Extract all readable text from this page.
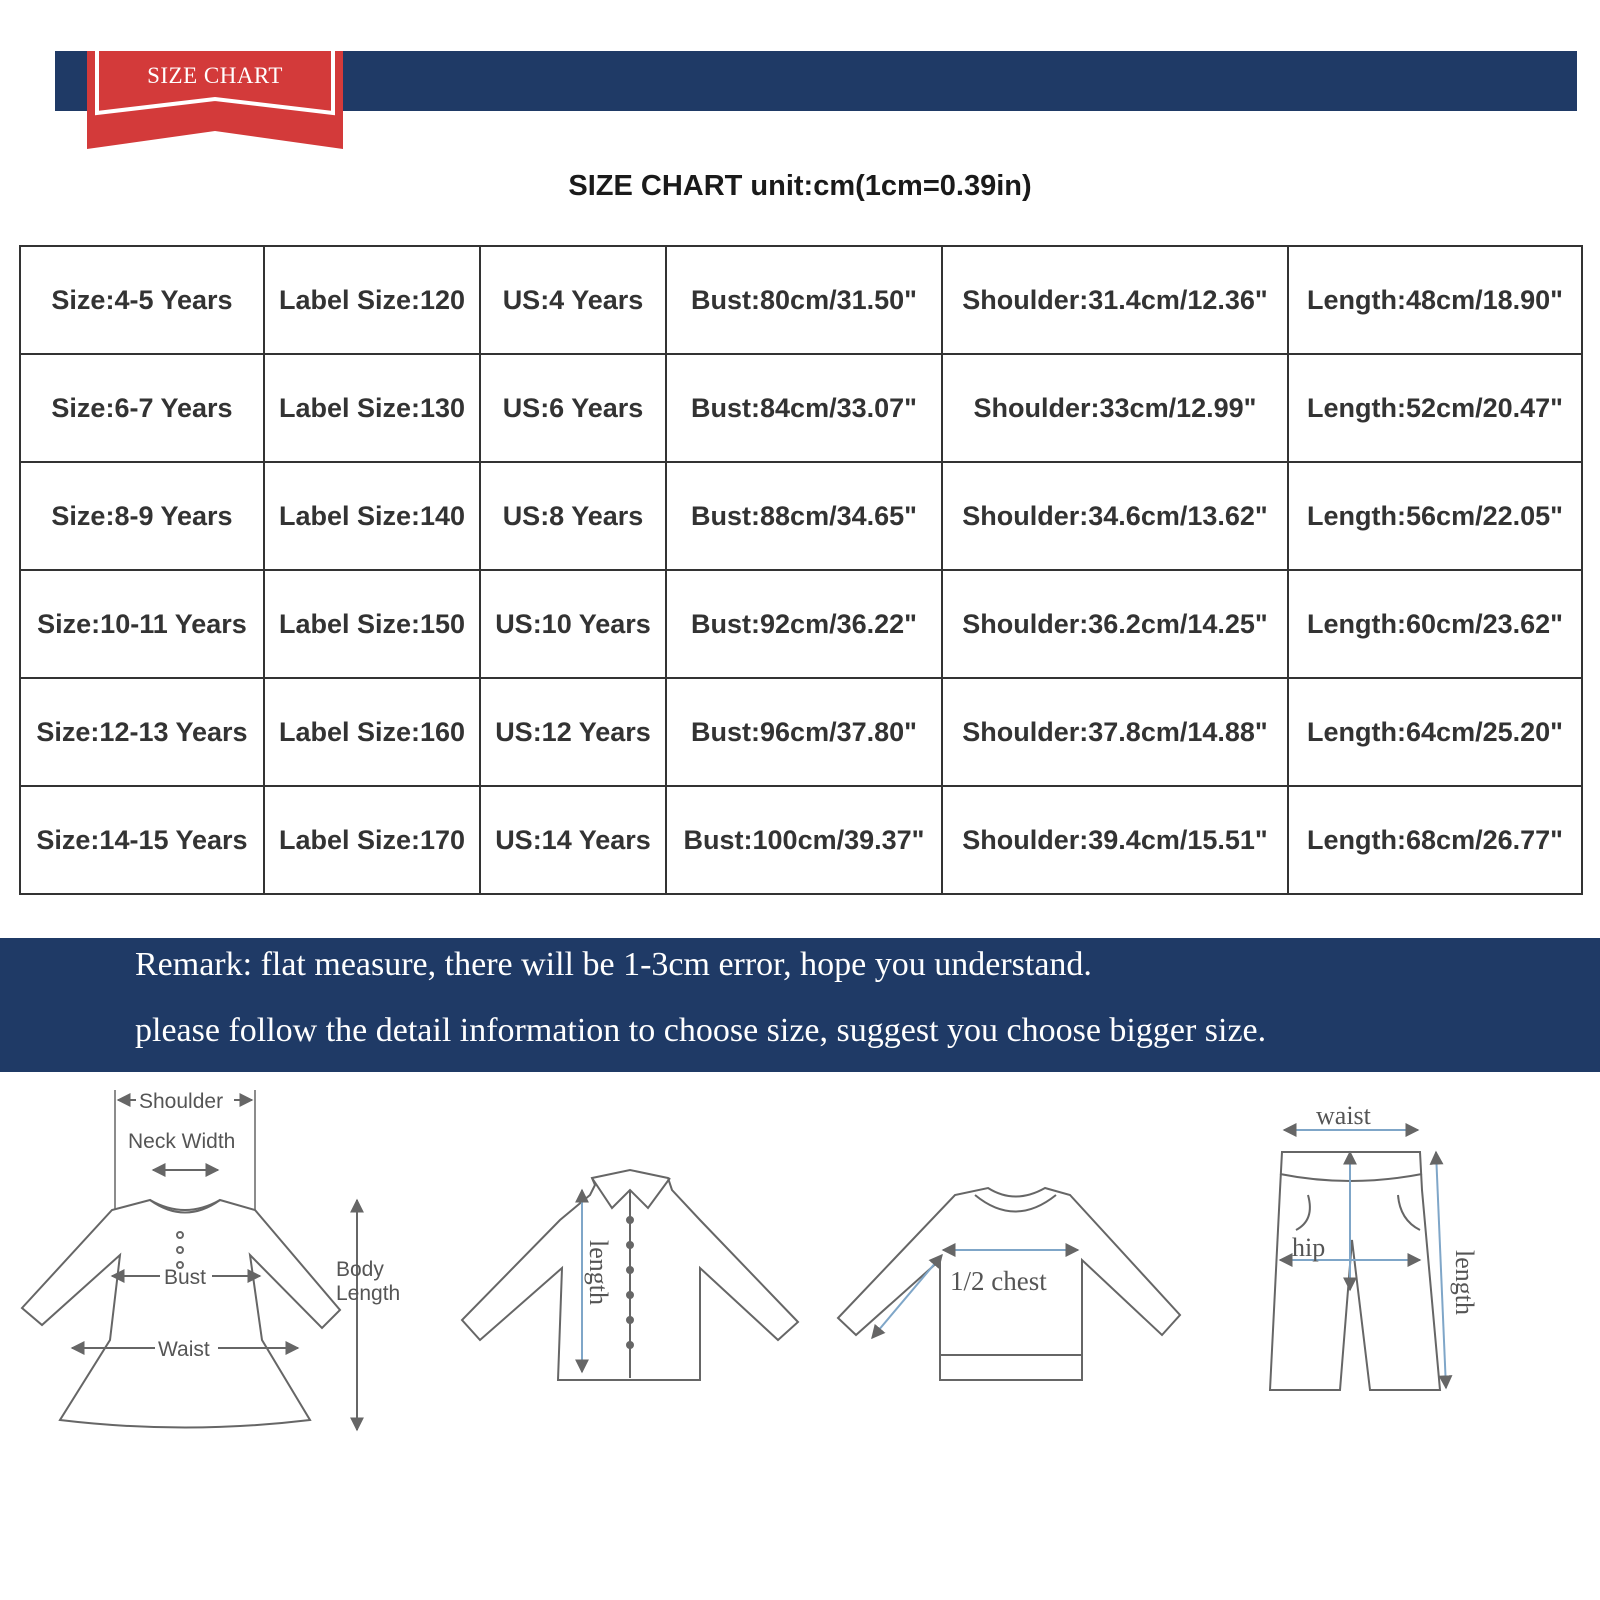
SIZE CHART
SIZE CHART unit:cm(1cm=0.39in)
Size:4-5 Years	Label Size:120	US:4 Years	Bust:80cm/31.50"	Shoulder:31.4cm/12.36"	Length:48cm/18.90"
Size:6-7 Years	Label Size:130	US:6 Years	Bust:84cm/33.07"	Shoulder:33cm/12.99"	Length:52cm/20.47"
Size:8-9 Years	Label Size:140	US:8 Years	Bust:88cm/34.65"	Shoulder:34.6cm/13.62"	Length:56cm/22.05"
Size:10-11 Years	Label Size:150	US:10 Years	Bust:92cm/36.22"	Shoulder:36.2cm/14.25"	Length:60cm/23.62"
Size:12-13 Years	Label Size:160	US:12 Years	Bust:96cm/37.80"	Shoulder:37.8cm/14.88"	Length:64cm/25.20"
Size:14-15 Years	Label Size:170	US:14 Years	Bust:100cm/39.37"	Shoulder:39.4cm/15.51"	Length:68cm/26.77"
Remark: flat measure, there will be 1-3cm error, hope you understand.
please follow the detail information to choose size, suggest you choose bigger size.
Shoulder
Neck Width
Bust
Waist
Body
Length	length	1/2 chest
waist
hip
length
